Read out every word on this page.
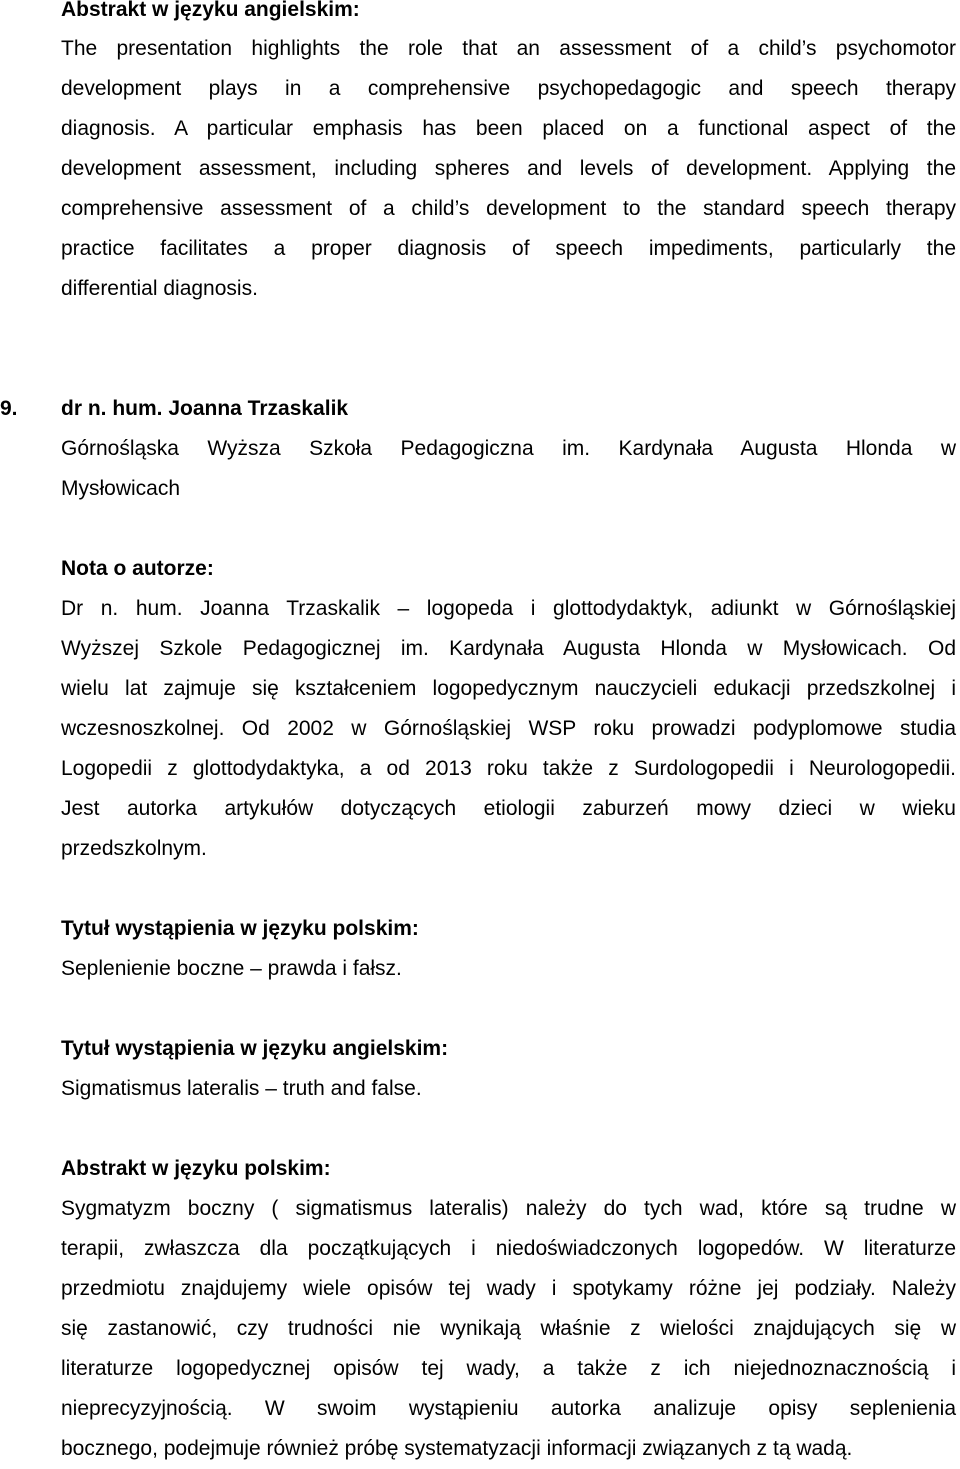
Abstrakt w języku angielskim:
The presentation highlights the role that an assessment of a child’s psychomotor
development plays in a comprehensive psychopedagogic and speech therapy
diagnosis. A particular emphasis has been placed on a functional aspect of the
development assessment, including spheres and levels of development. Applying the
comprehensive assessment of a child’s development to the standard speech therapy
practice facilitates a proper diagnosis of speech impediments, particularly the
differential diagnosis.
9.	dr n. hum. Joanna Trzaskalik
Górnośląska Wyższa Szkoła Pedagogiczna im. Kardynała Augusta Hlonda w
Mysłowicach
Nota o autorze:
Dr n. hum. Joanna Trzaskalik – logopeda i glottodydaktyk, adiunkt w Górnośląskiej
Wyższej Szkole Pedagogicznej im. Kardynała Augusta Hlonda w Mysłowicach. Od
wielu lat zajmuje się kształceniem logopedycznym nauczycieli edukacji przedszkolnej i
wczesnoszkolnej. Od 2002 w Górnośląskiej WSP roku prowadzi podyplomowe studia
Logopedii z glottodydaktyka, a od 2013 roku także z Surdologopedii i Neurologopedii.
Jest autorka artykułów dotyczących etiologii zaburzeń mowy dzieci w wieku
przedszkolnym.
Tytuł wystąpienia w języku polskim:
Seplenienie boczne – prawda i fałsz.
Tytuł wystąpienia w języku angielskim:
Sigmatismus lateralis – truth and false.
Abstrakt w języku polskim:
Sygmatyzm boczny ( sigmatismus lateralis) należy do tych wad, które są trudne w
terapii, zwłaszcza dla początkujących i niedoświadczonych logopedów. W literaturze
przedmiotu znajdujemy wiele opisów tej wady i spotykamy różne jej podziały. Należy
się zastanowić, czy trudności nie wynikają właśnie z wielości znajdujących się w
literaturze logopedycznej opisów tej wady, a także z ich niejednoznacznością i
nieprecyzyjnością. W swoim wystąpieniu autorka analizuje opisy seplenienia
bocznego, podejmuje również próbę systematyzacji informacji związanych z tą wadą.
